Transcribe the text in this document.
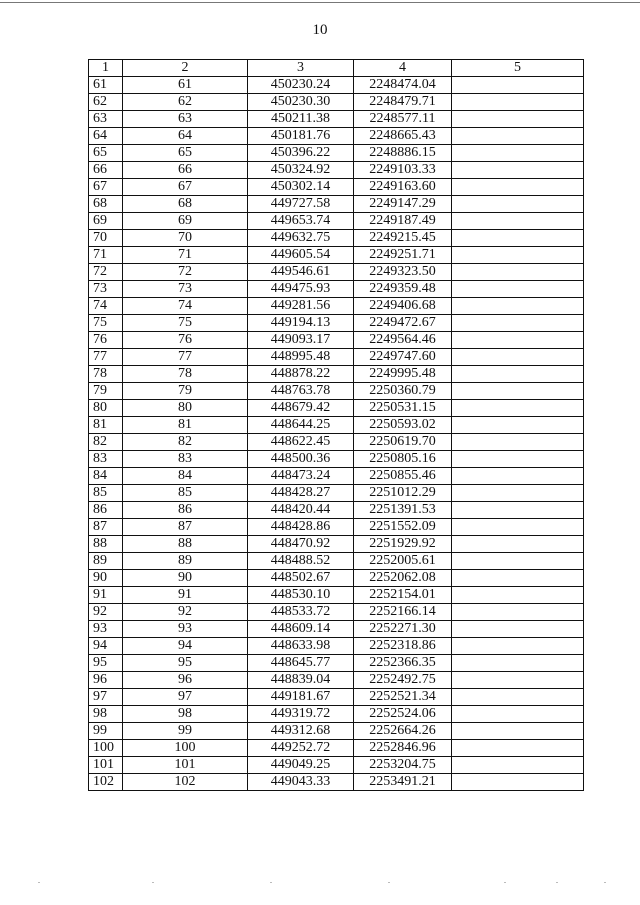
10
1	2	3	4	5
61	61	450230.24	2248474.04	
62	62	450230.30	2248479.71	
63	63	450211.38	2248577.11	
64	64	450181.76	2248665.43	
65	65	450396.22	2248886.15	
66	66	450324.92	2249103.33	
67	67	450302.14	2249163.60	
68	68	449727.58	2249147.29	
69	69	449653.74	2249187.49	
70	70	449632.75	2249215.45	
71	71	449605.54	2249251.71	
72	72	449546.61	2249323.50	
73	73	449475.93	2249359.48	
74	74	449281.56	2249406.68	
75	75	449194.13	2249472.67	
76	76	449093.17	2249564.46	
77	77	448995.48	2249747.60	
78	78	448878.22	2249995.48	
79	79	448763.78	2250360.79	
80	80	448679.42	2250531.15	
81	81	448644.25	2250593.02	
82	82	448622.45	2250619.70	
83	83	448500.36	2250805.16	
84	84	448473.24	2250855.46	
85	85	448428.27	2251012.29	
86	86	448420.44	2251391.53	
87	87	448428.86	2251552.09	
88	88	448470.92	2251929.92	
89	89	448488.52	2252005.61	
90	90	448502.67	2252062.08	
91	91	448530.10	2252154.01	
92	92	448533.72	2252166.14	
93	93	448609.14	2252271.30	
94	94	448633.98	2252318.86	
95	95	448645.77	2252366.35	
96	96	448839.04	2252492.75	
97	97	449181.67	2252521.34	
98	98	449319.72	2252524.06	
99	99	449312.68	2252664.26	
100	100	449252.72	2252846.96	
101	101	449049.25	2253204.75	
102	102	449043.33	2253491.21	
